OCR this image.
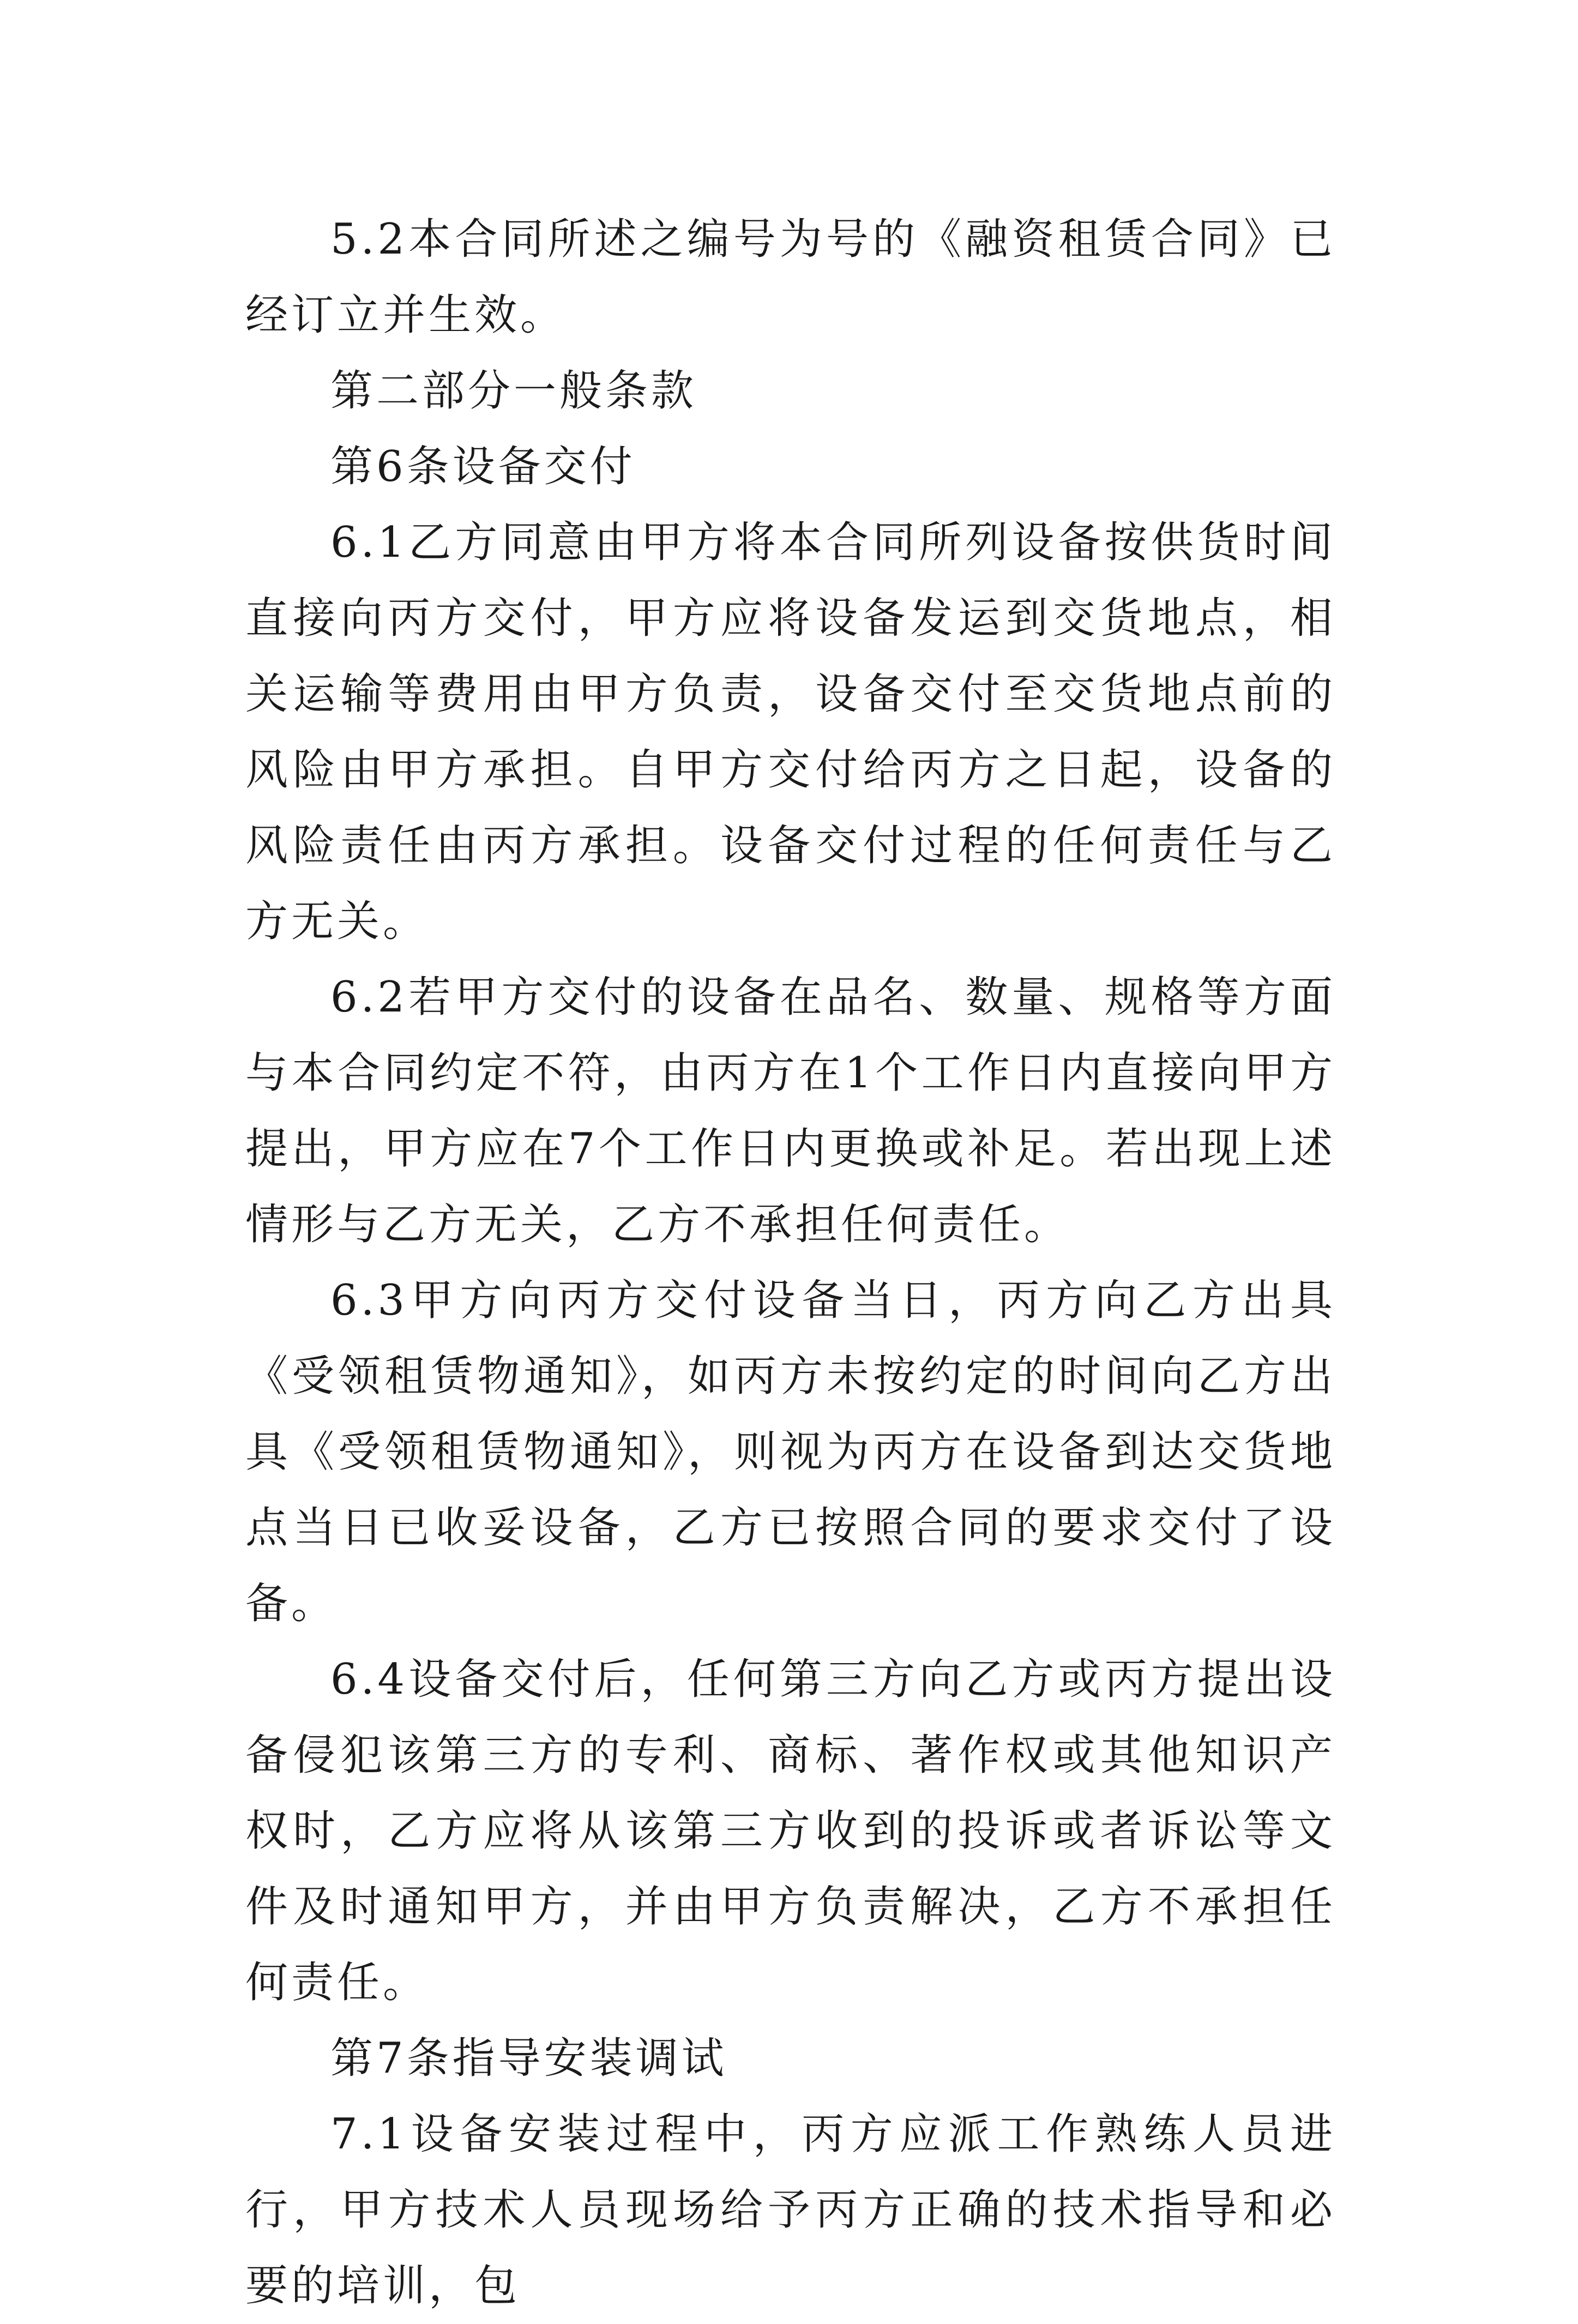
5.2本合同所述之编号为号的《融资租赁合同》已经订立并生效。

第二部分一般条款

第6条设备交付

6.1乙方同意由甲方将本合同所列设备按供货时间直接向丙方交付，甲方应将设备发运到交货地点，相关运输等费用由甲方负责，设备交付至交货地点前的风险由甲方承担。自甲方交付给丙方之日起，设备的风险责任由丙方承担。设备交付过程的任何责任与乙方无关。

6.2若甲方交付的设备在品名、数量、规格等方面与本合同约定不符，由丙方在1个工作日内直接向甲方提出，甲方应在7个工作日内更换或补足。若出现上述情形与乙方无关，乙方不承担任何责任。

6.3甲方向丙方交付设备当日，丙方向乙方出具《受领租赁物通知》，如丙方未按约定的时间向乙方出具《受领租赁物通知》，则视为丙方在设备到达交货地点当日已收妥设备，乙方已按照合同的要求交付了设备。

6.4设备交付后，任何第三方向乙方或丙方提出设备侵犯该第三方的专利、商标、著作权或其他知识产权时，乙方应将从该第三方收到的投诉或者诉讼等文件及时通知甲方，并由甲方负责解决，乙方不承担任何责任。

第7条指导安装调试

7.1设备安装过程中，丙方应派工作熟练人员进行，甲方技术人员现场给予丙方正确的技术指导和必要的培训，包
